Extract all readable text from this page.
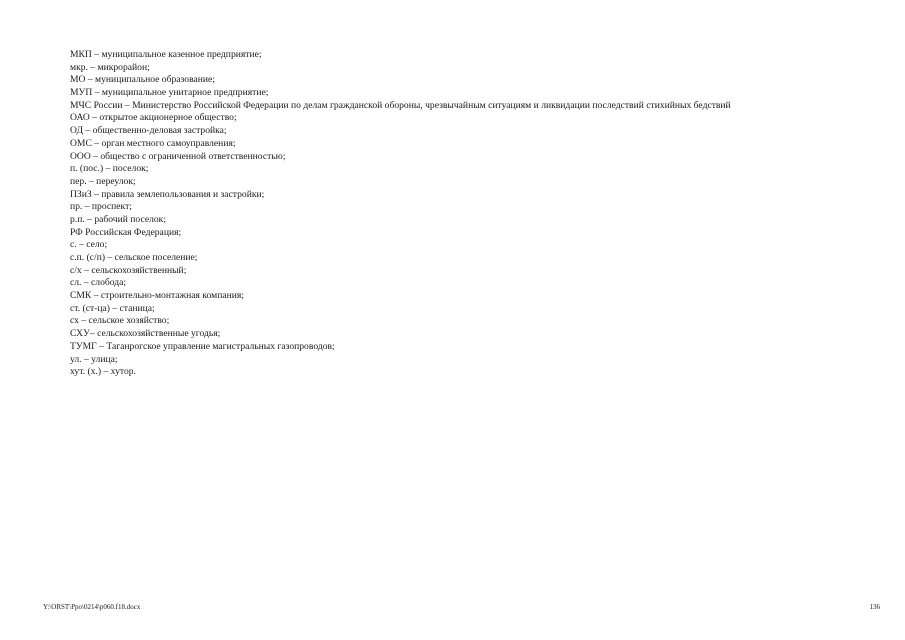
МКП – муниципальное казенное предприятие;
мкр. – микрорайон;
МО – муниципальное образование;
МУП – муниципальное унитарное предприятие;
МЧС России – Министерство Российской Федерации по делам гражданской обороны, чрезвычайным ситуациям и ликвидации последствий стихийных бедствий
ОАО – открытое акционерное общество;
ОД – общественно-деловая застройка;
ОМС – орган местного самоуправления;
ООО – общество с ограниченной ответственностью;
п. (пос.) – поселок;
пер. – переулок;
ПЗиЗ – правила землепользования и застройки;
пр. – проспект;
р.п. – рабочий поселок;
РФ Российская Федерация;
с. – село;
с.п. (с/п) – сельское поселение;
с/х – сельскохозяйственный;
сл. – слобода;
СМК – строительно-монтажная компания;
ст. (ст-ца) – станица;
сх – сельское хозяйство;
СХУ– сельскохозяйственные угодья;
ТУМГ – Таганрогское управление магистральных газопроводов;
ул. – улица;
хут. (х.) – хутор.
Y:\ORST\Ppo\0214\p060.f18.docx	136
